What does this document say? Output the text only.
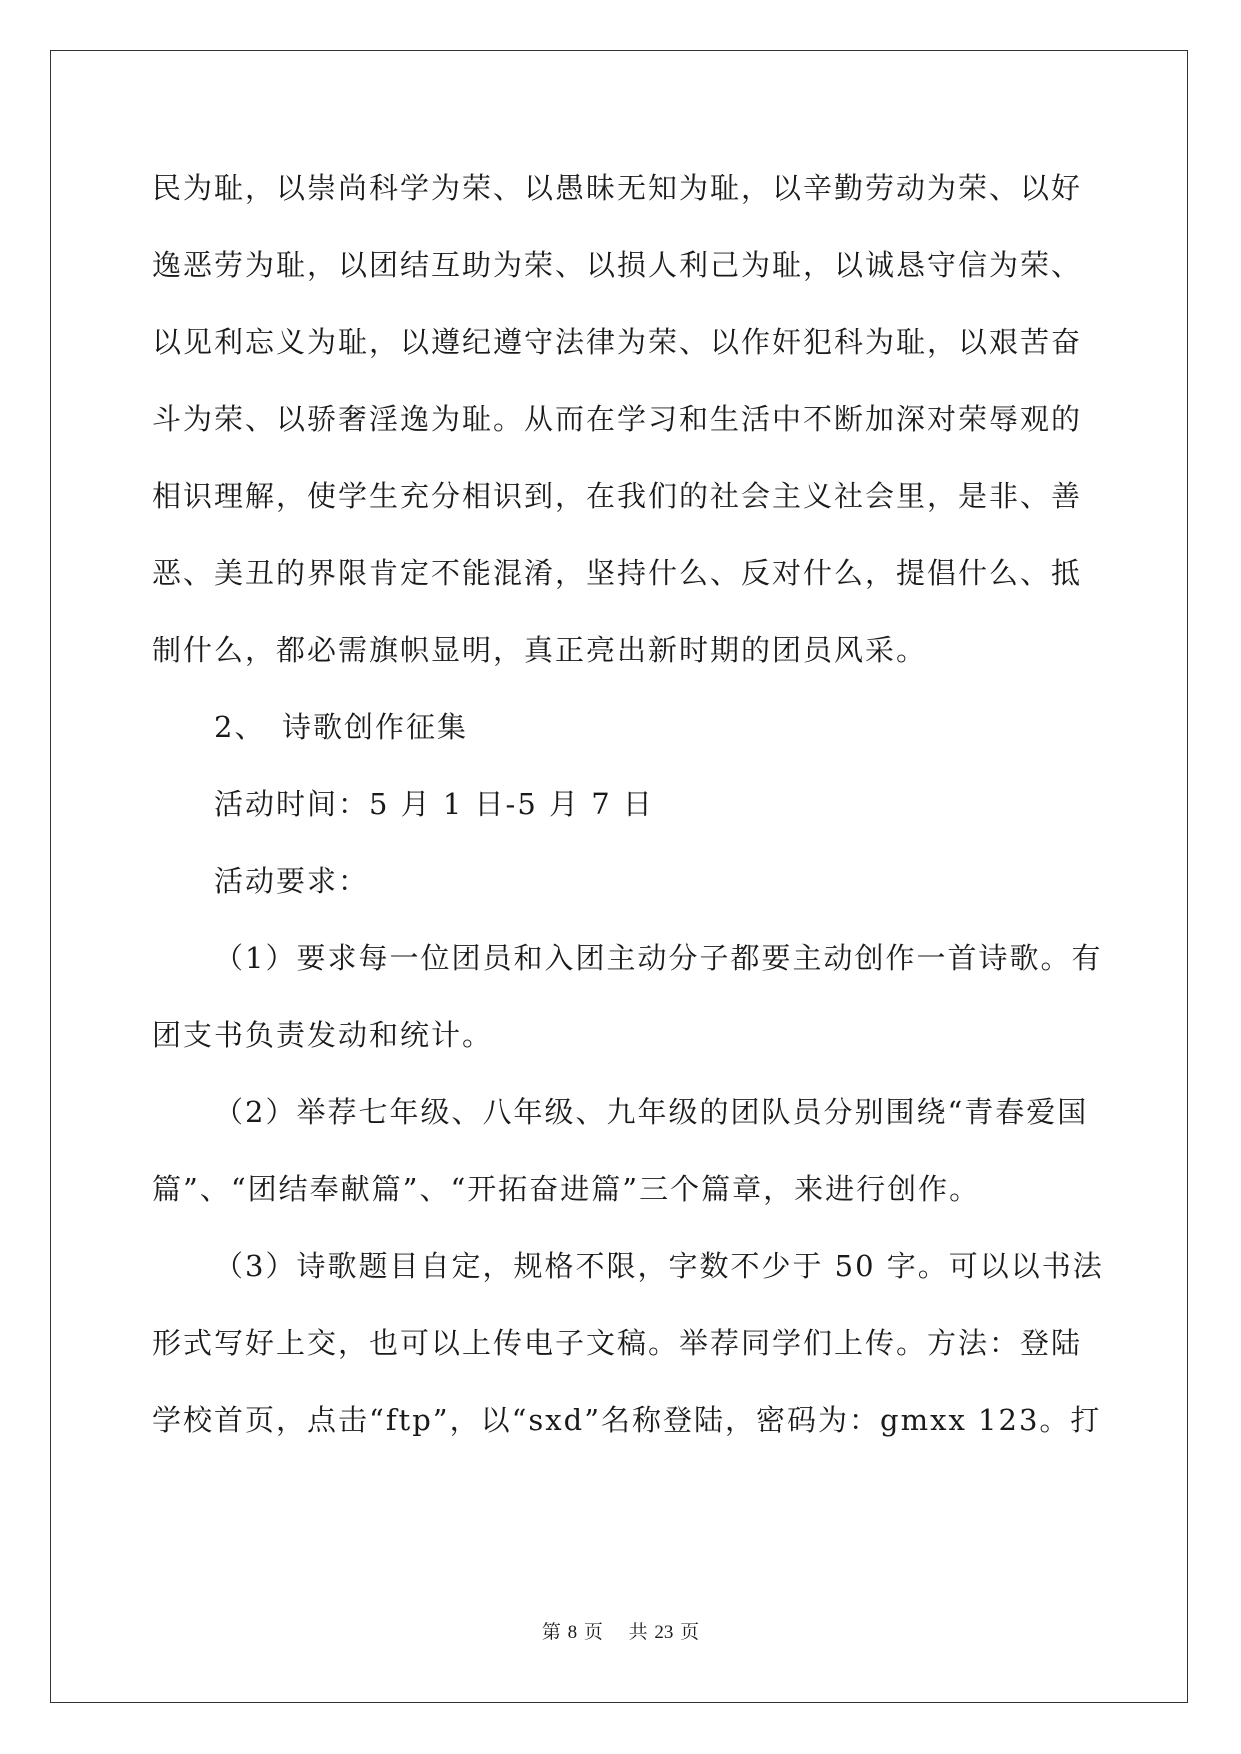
民为耻，以崇尚科学为荣、以愚昧无知为耻，以辛勤劳动为荣、以好
逸恶劳为耻，以团结互助为荣、以损人利己为耻，以诚恳守信为荣、
以见利忘义为耻，以遵纪遵守法律为荣、以作奸犯科为耻，以艰苦奋
斗为荣、以骄奢淫逸为耻。从而在学习和生活中不断加深对荣辱观的
相识理解，使学生充分相识到，在我们的社会主义社会里，是非、善
恶、美丑的界限肯定不能混淆，坚持什么、反对什么，提倡什么、抵
制什么，都必需旗帜显明，真正亮出新时期的团员风采。
2、　诗歌创作征集
活动时间：5 月 1 日-5 月 7 日
活动要求：
（1）要求每一位团员和入团主动分子都要主动创作一首诗歌。有
团支书负责发动和统计。
（2）举荐七年级、八年级、九年级的团队员分别围绕“青春爱国
篇”、“团结奉献篇”、“开拓奋进篇”三个篇章，来进行创作。
（3）诗歌题目自定，规格不限，字数不少于 50 字。可以以书法
形式写好上交，也可以上传电子文稿。举荐同学们上传。方法：登陆
学校首页，点击“ftp”，以“sxd”名称登陆，密码为：gmxx 123。打
第 8 页　 共 23 页
